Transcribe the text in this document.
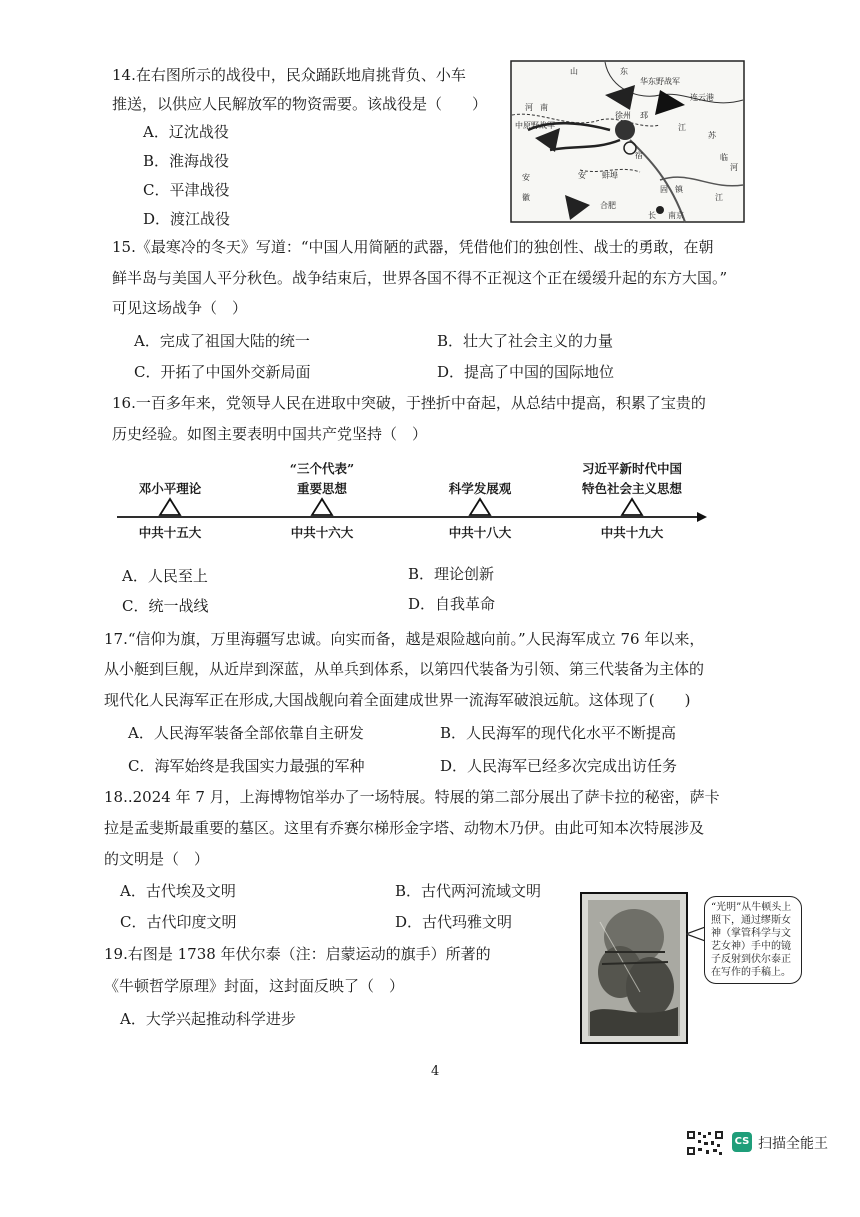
14.在右图所示的战役中，民众踊跃地肩挑背负、小车
推送，以供应人民解放军的物资需要。该战役是（　　）
A．辽沈战役
B．淮海战役
C．平津战役
D．渡江战役
山	东
华东野战军
连云港
徐州 邳
江
苏
河 南
中原野战军
安 蚌埠
宿
合肥
南京
长
江
安
徽
固 镇
临
河
15.《最寒冷的冬天》写道：“中国人用简陋的武器，凭借他们的独创性、战士的勇敢，在朝
鲜半岛与美国人平分秋色。战争结束后，世界各国不得不正视这个正在缓缓升起的东方大国。”
可见这场战争（　）
A．完成了祖国大陆的统一	B．壮大了社会主义的力量
C．开拓了中国外交新局面	D．提高了中国的国际地位
16.一百多年来，党领导人民在进取中突破，于挫折中奋起，从总结中提高，积累了宝贵的
历史经验。如图主要表明中国共产党坚持（　）
邓小平理论
中共十五大
“三个代表”
重要思想
中共十六大
科学发展观
中共十八大
习近平新时代中国
特色社会主义思想
中共十九大
A．人民至上	B．理论创新
C．统一战线	D．自我革命
17.“信仰为旗，万里海疆写忠诚。向实而备，越是艰险越向前。”人民海军成立 76 年以来，
从小艇到巨舰，从近岸到深蓝，从单兵到体系，以第四代装备为引领、第三代装备为主体的
现代化人民海军正在形成,大国战舰向着全面建成世界一流海军破浪远航。这体现了(　　)
A．人民海军装备全部依靠自主研发	B．人民海军的现代化水平不断提高
C．海军始终是我国实力最强的军种	D．人民海军已经多次完成出访任务
18..2024 年 7 月，上海博物馆举办了一场特展。特展的第二部分展出了萨卡拉的秘密，萨卡
拉是孟斐斯最重要的墓区。这里有乔赛尔梯形金字塔、动物木乃伊。由此可知本次特展涉及
的文明是（　）
A．古代埃及文明	B．古代两河流域文明
C．古代印度文明	D．古代玛雅文明
19.右图是 1738 年伏尔泰（注：启蒙运动的旗手）所著的
《牛顿哲学原理》封面，这封面反映了（　）
A．大学兴起推动科学进步
“光明”从牛顿头上照下，通过缪斯女神（掌管科学与文艺女神）手中的镜子反射到伏尔泰正在写作的手稿上。
4
CS 扫描全能王
